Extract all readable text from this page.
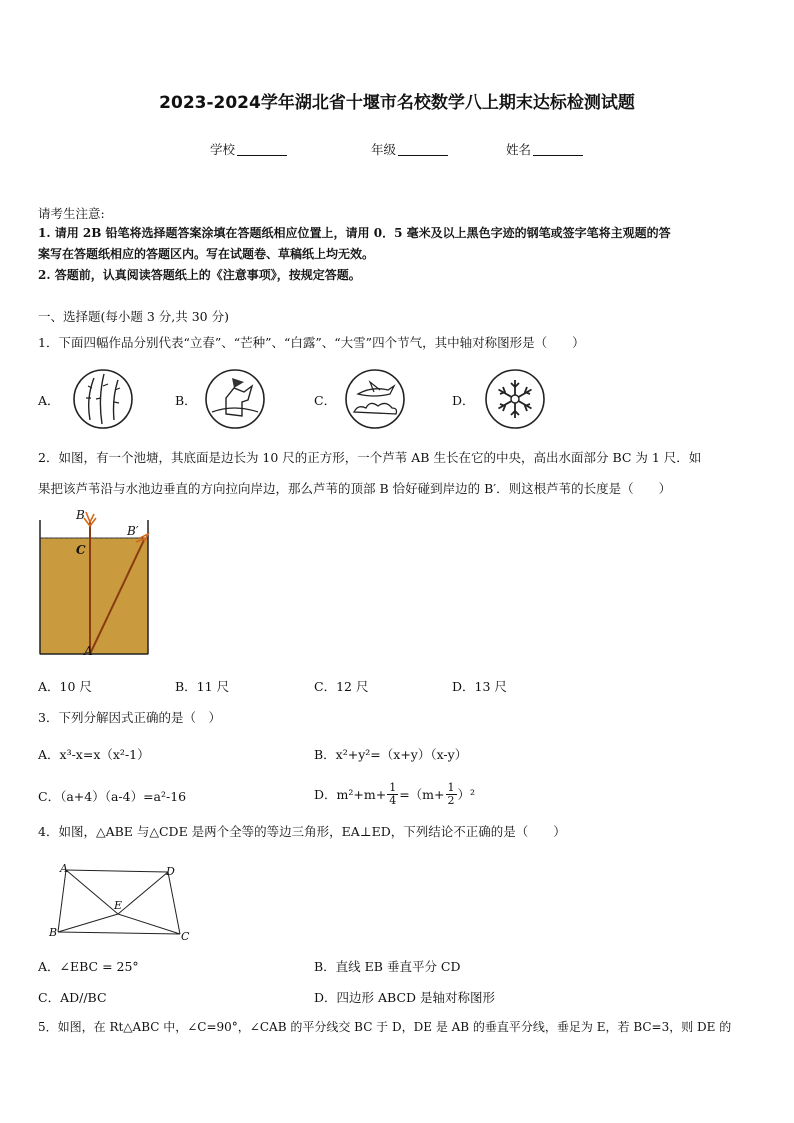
2023-2024学年湖北省十堰市名校数学八上期末达标检测试题
学校	年级	姓名
请考生注意:
1. 请用 2B 铅笔将选择题答案涂填在答题纸相应位置上，请用 0．5 毫米及以上黑色字迹的钢笔或签字笔将主观题的答
案写在答题纸相应的答题区内。写在试题卷、草稿纸上均无效。
2. 答题前，认真阅读答题纸上的《注意事项》，按规定答题。
一、选择题(每小题 3 分,共 30 分)
1．下面四幅作品分别代表“立春”、“芒种”、“白露”、“大雪”四个节气，其中轴对称图形是（　　）
A．	B．	C．	D．
2．如图，有一个池塘，其底面是边长为 10 尺的正方形，一个芦苇 AB 生长在它的中央，高出水面部分 BC 为 1 尺．如
果把该芦苇沿与水池边垂直的方向拉向岸边，那么芦苇的顶部 B 恰好碰到岸边的 B′．则这根芦苇的长度是（　　）
B
B′
C
A
A．10 尺	B．11 尺	C．12 尺	D．13 尺
3．下列分解因式正确的是（　）
A．x³-x=x（x²-1）	B．x²+y²=（x+y）（x-y）
C．（a+4）（a-4）=a²-16	D．$m^2+m+ \frac{1}{4} =(m+ \frac{1}{2} )^2$
4．如图，△ABE 与△CDE 是两个全等的等边三角形，EA⊥ED，下列结论不正确的是（　　）
A	D
E
B	C
A．∠EBC = 25°	B．直线 EB 垂直平分 CD
C．AD//BC	D．四边形 ABCD 是轴对称图形
5．如图，在 Rt△ABC 中，∠C=90°，∠CAB 的平分线交 BC 于 D，DE 是 AB 的垂直平分线，垂足为 E，若 BC=3，则 DE 的
